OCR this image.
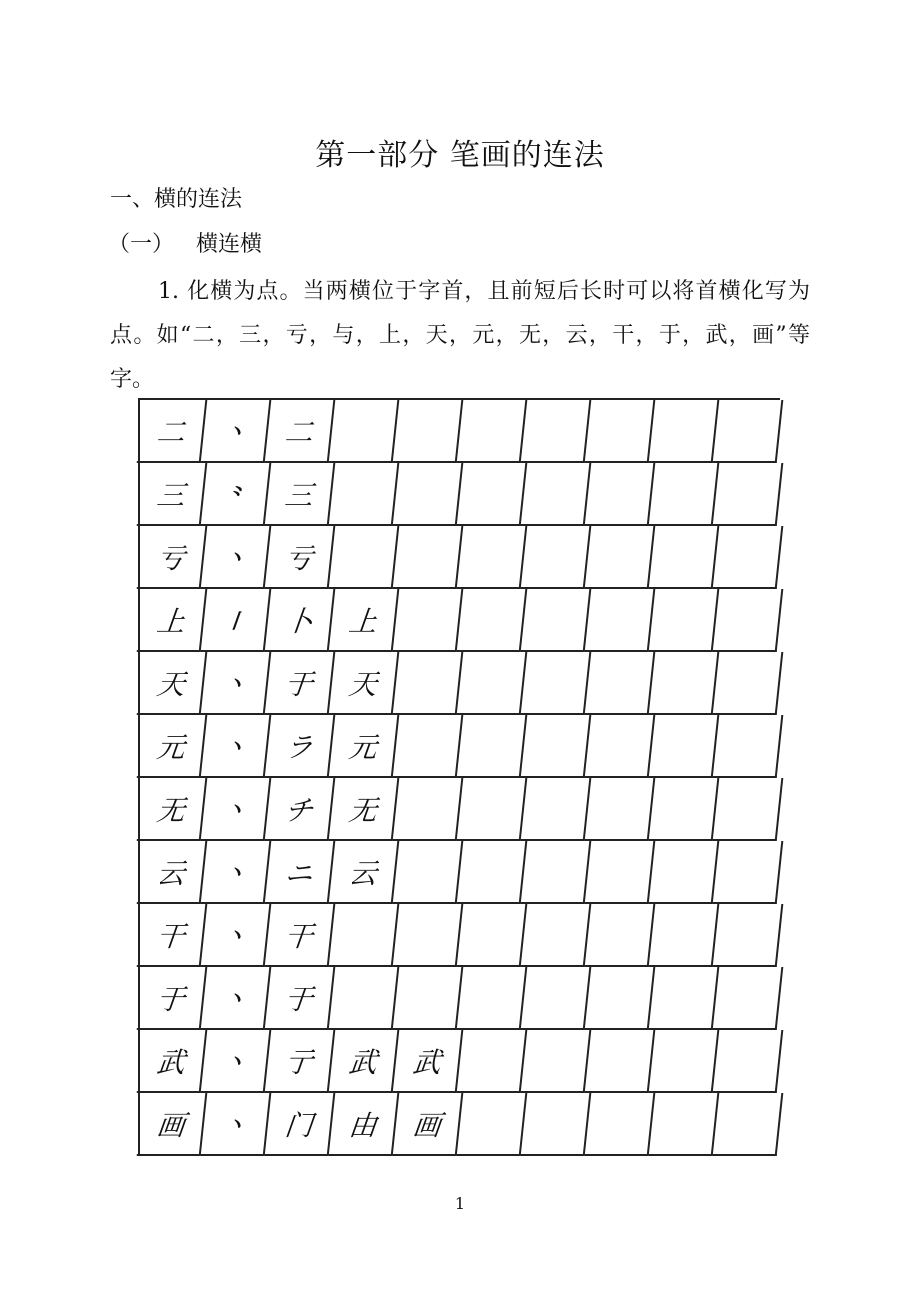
第一部分 笔画的连法
一、横的连法
（一） 横连横
1. 化横为点。当两横位于字首，且前短后长时可以将首横化写为点。如“二，三，亏，与，上，天，元，无，云，干，于，武，画”等字。
二	丶	二
三	⺀	三
亏	丶	亏
上	丨	卜	上
天	丶	于	天
元	丶	ラ	元
无	丶	チ	无
云	丶	ニ	云
干	丶	干
于	丶	于
武	丶	亍	武	武
画	丶	门	由	画
1
